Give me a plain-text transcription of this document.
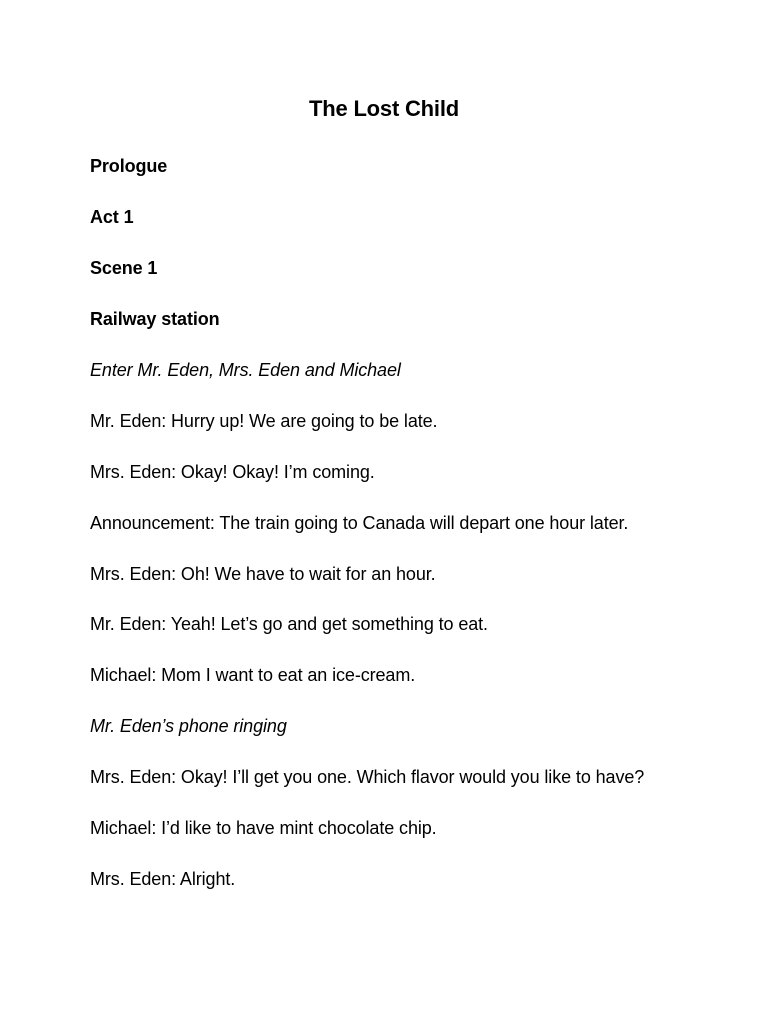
The Lost Child
Prologue
Act 1
Scene 1
Railway station
Enter Mr. Eden, Mrs. Eden and Michael
Mr. Eden: Hurry up! We are going to be late.
Mrs. Eden: Okay! Okay! I’m coming.
Announcement: The train going to Canada will depart one hour later.
Mrs. Eden: Oh! We have to wait for an hour.
Mr. Eden: Yeah! Let’s go and get something to eat.
Michael: Mom I want to eat an ice-cream.
Mr. Eden’s phone ringing
Mrs. Eden: Okay! I’ll get you one. Which flavor would you like to have?
Michael: I’d like to have mint chocolate chip.
Mrs. Eden: Alright.
